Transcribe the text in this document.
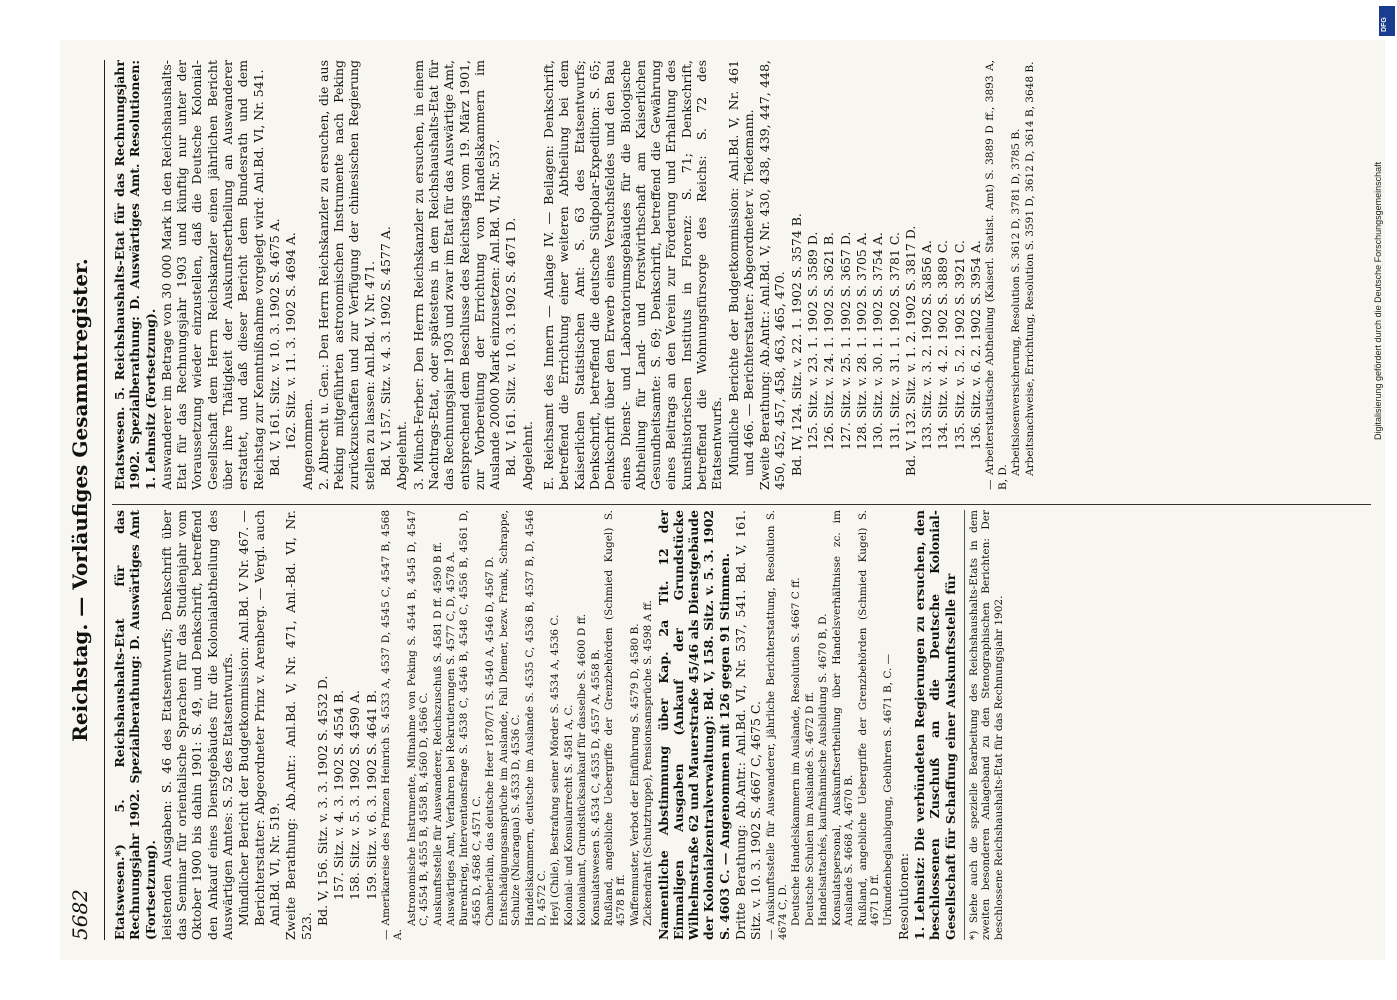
5682
Reichstag. — Vorläufiges Gesammtregister. Etatswesen.*) 5. Reichshaushalts-Etat für das Rechnungsjahr 1902. Spezialberathung: D. Auswärtiges Amt (Fortsetzung). leistenden Ausgaben: S. 46 des Etatsentwurfs; Denkschrift über das Seminar für orientalische Sprachen für das Studienjahr vom Oktober 1900 bis dahin 1901: S. 49, und Denkschrift, betreffend den Ankauf eines Dienstgebäudes für die Kolonialabtheilung des Auswärtigen Amtes: S. 52 des Etatsentwurfs. Mündlicher Bericht der Budgetkommission: Anl.Bd. V Nr. 467. — Berichterstatter: Abgeordneter Prinz v. Arenberg. — Vergl. auch Anl.Bd. VI, Nr. 519. Zweite Berathung: Ab.Antr.: Anl.Bd. V, Nr. 471, Anl.-Bd. VI, Nr. 523.

Bd. V, 156. Sitz. v. 3. 3. 1902 S. 4532 D. 157. Sitz. v. 4. 3. 1902 S. 4554 B. 158. Sitz. v. 5. 3. 1902 S. 4590 A. 159. Sitz. v. 6. 3. 1902 S. 4641 B. — Amerikareise des Prinzen Heinrich S. 4533 A, 4537 D, 4545 C, 4547 B, 4568 A.

Astronomische Instrumente, Mitnahme von Peking S. 4544 B, 4545 D, 4547 C, 4554 B, 4555 B, 4558 B, 4560 D, 4566 C. Auskunftsstelle für Auswanderer, Reichszuschuß S. 4581 D ff. 4590 B ff. Auswärtiges Amt, Verfahren bei Rekrutierungen S. 4577 C, D, 4578 A. Burenkrieg, Interventionsfrage S. 4538 C, 4546 B, 4548 C, 4556 B, 4561 D, 4565 D, 4568 C, 4571 C. Chamberlain, das deutsche Heer 1870/71 S. 4540 A, 4546 D, 4567 D. Entschädigungsansprüche im Auslande, Fall Diemer, bezw. Frank, Schrappe, Schulze (Nicaragua) S. 4533 D, 4536 C. Handelskammern, deutsche im Auslande S. 4535 C, 4536 B, 4537 B, D, 4546 D, 4572 C. Heyl (Chile), Bestrafung seiner Mörder S. 4534 A, 4536 C. Kolonial- und Konsularrecht S. 4581 A, C. Kolonialamt, Grundstücksankauf für dasselbe S. 4600 D ff. Konsulatswesen S. 4534 C, 4535 D, 4557 A, 4558 B. Rußland, angebliche Uebergriffe der Grenzbehörden (Schmied Kugel) S. 4578 B ff. Waffenmuster, Verbot der Einführung S. 4579 D, 4580 B. Zickendraht (Schutztruppe), Pensionsansprüche S. 4598 A ff. Namentliche Abstimmung über Kap. 2a Tit. 12 der Einmaligen Ausgaben (Ankauf der Grundstücke Wilhelmstraße 62 und Mauerstraße 45/46 als Dienstgebäude der Kolonialzentralverwaltung): Bd. V, 158. Sitz. v. 5. 3. 1902 S. 4603 C. — Angenommen mit 126 gegen 91 Stimmen. Dritte Berathung: Ab.Antr.: Anl.Bd. VI, Nr. 537, 541. Bd. V, 161. Sitz. v. 10. 3. 1902 S. 4667 C, 4675 C. — Auskunftsstelle für Auswanderer, jährliche Berichterstattung, Resolution S. 4674 C, D. Deutsche Handelskammern im Auslande, Resolution S. 4667 C ff. Deutsche Schulen im Auslande S. 4672 D ff. Handelsattachés, kaufmännische Ausbildung S. 4670 B, D. Konsulatspersonal, Auskunftsertheilung über Handelsverhältnisse zc. im Auslande S. 4668 A, 4670 B. Rußland, angebliche Uebergriffe der Grenzbehörden (Schmied Kugel) S. 4671 D ff. Urkundenbeglaubigung, Gebühren S. 4671 B, C. — Resolutionen: 1. Lehnsitz: Die verbündeten Regierungen zu ersuchen, den beschlossenen Zuschuß an die Deutsche Kolonial-Gesellschaft für Schaffung einer Auskunftsstelle für *) Siehe auch die spezielle Bearbeitung des Reichshaushalts-Etats in dem zweiten besonderen Anlageband zu den Stenographischen Berichten: Der beschlossene Reichshaushalts-Etat für das Rechnungsjahr 1902.

Etatswesen. 5. Reichshaushalts-Etat für das Rechnungsjahr 1902. Spezialberathung: D. Auswärtiges Amt. Resolutionen: 1. Lehnsitz (Fortsetzung). Auswanderer im Betrage von 30 000 Mark in den Reichshaushalts-Etat für das Rechnungsjahr 1903 und künftig nur unter der Voraussetzung wieder einzustellen, daß die Deutsche Kolonial-Gesellschaft dem Herrn Reichskanzler einen jährlichen Bericht über ihre Thätigkeit der Auskunftsertheilung an Auswanderer erstattet, und daß dieser Bericht dem Bundesrath und dem Reichstag zur Kenntnißnahme vorgelegt wird: Anl.Bd. VI, Nr. 541. Bd. V, 161. Sitz. v. 10. 3. 1902 S. 4675 A. 162. Sitz. v. 11. 3. 1902 S. 4694 A. Angenommen. 2. Albrecht u. Gen.: Den Herrn Reichskanzler zu ersuchen, die aus Peking mitgeführten astronomischen Instrumente nach Peking zurückzuschaffen und zur Verfügung der chinesischen Regierung stellen zu lassen: Anl.Bd. V, Nr. 471. Bd. V, 157. Sitz. v. 4. 3. 1902 S. 4577 A. Abgelehnt. 3. Münch-Ferber: Den Herrn Reichskanzler zu ersuchen, in einem Nachtrags-Etat, oder spätestens in dem Reichshaushalts-Etat für das Rechnungsjahr 1903 und zwar im Etat für das Auswärtige Amt, entsprechend dem Beschlusse des Reichstags vom 19. März 1901, zur Vorbereitung der Errichtung von Handelskammern im Auslande 20000 Mark einzusetzen: Anl.Bd. VI, Nr. 537. Bd. V, 161. Sitz. v. 10. 3. 1902 S. 4671 D. Abgelehnt. E. Reichsamt des Innern — Anlage IV. — Beilagen: Denkschrift, betreffend die Errichtung einer weiteren Abtheilung bei dem Kaiserlichen Statistischen Amt: S. 63 des Etatsentwurfs; Denkschrift, betreffend die deutsche Südpolar-Expedition: S. 65; Denkschrift über den Erwerb eines Versuchsfeldes und den Bau eines Dienst- und Laboratoriumsgebäudes für die Biologische Abtheilung für Land- und Forstwirthschaft am Kaiserlichen Gesundheitsamte: S. 69; Denkschrift, betreffend die Gewährung eines Beitrags an den Verein zur Förderung und Erhaltung des kunsthistorischen Instituts in Florenz: S. 71; Denkschrift, betreffend die Wohnungsfürsorge des Reichs: S. 72 des Etatsentwurfs. Mündliche Berichte der Budgetkommission: Anl.Bd. V, Nr. 461 und 466. — Berichterstatter: Abgeordneter v. Tiedemann. Zweite Berathung: Ab.Antr.: Anl.Bd. V, Nr. 430, 438, 439, 447, 448, 450, 452, 457, 458, 463, 465, 470. Bd. IV, 124. Sitz. v. 22. 1. 1902 S. 3574 B. 125. Sitz. v. 23. 1. 1902 S. 3589 D. 126. Sitz. v. 24. 1. 1902 S. 3621 B. 127. Sitz. v. 25. 1. 1902 S. 3657 D. 128. Sitz. v. 28. 1. 1902 S. 3705 A. 130. Sitz. v. 30. 1. 1902 S. 3754 A. 131. Sitz. v. 31. 1. 1902 S. 3781 C. Bd. V, 132. Sitz. v. 1. 2. 1902 S. 3817 D. 133. Sitz. v. 3. 2. 1902 S. 3856 A. 134. Sitz. v. 4. 2. 1902 S. 3889 C. 135. Sitz. v. 5. 2. 1902 S. 3921 C. 136. Sitz. v. 6. 2. 1902 S. 3954 A. — Arbeiterstatistische Abtheilung (Kaiserl. Statist. Amt) S. 3889 D ff., 3893 A, B, D.

Arbeitslosenversicherung, Resolution S. 3612 D, 3781 D, 3785 B. Arbeitsnachweise, Errichtung, Resolution S. 3591 D, 3612 D, 3614 B, 3648 B.

DFG
Digitalisierung gefördert durch die Deutsche Forschungsgemeinschaft
